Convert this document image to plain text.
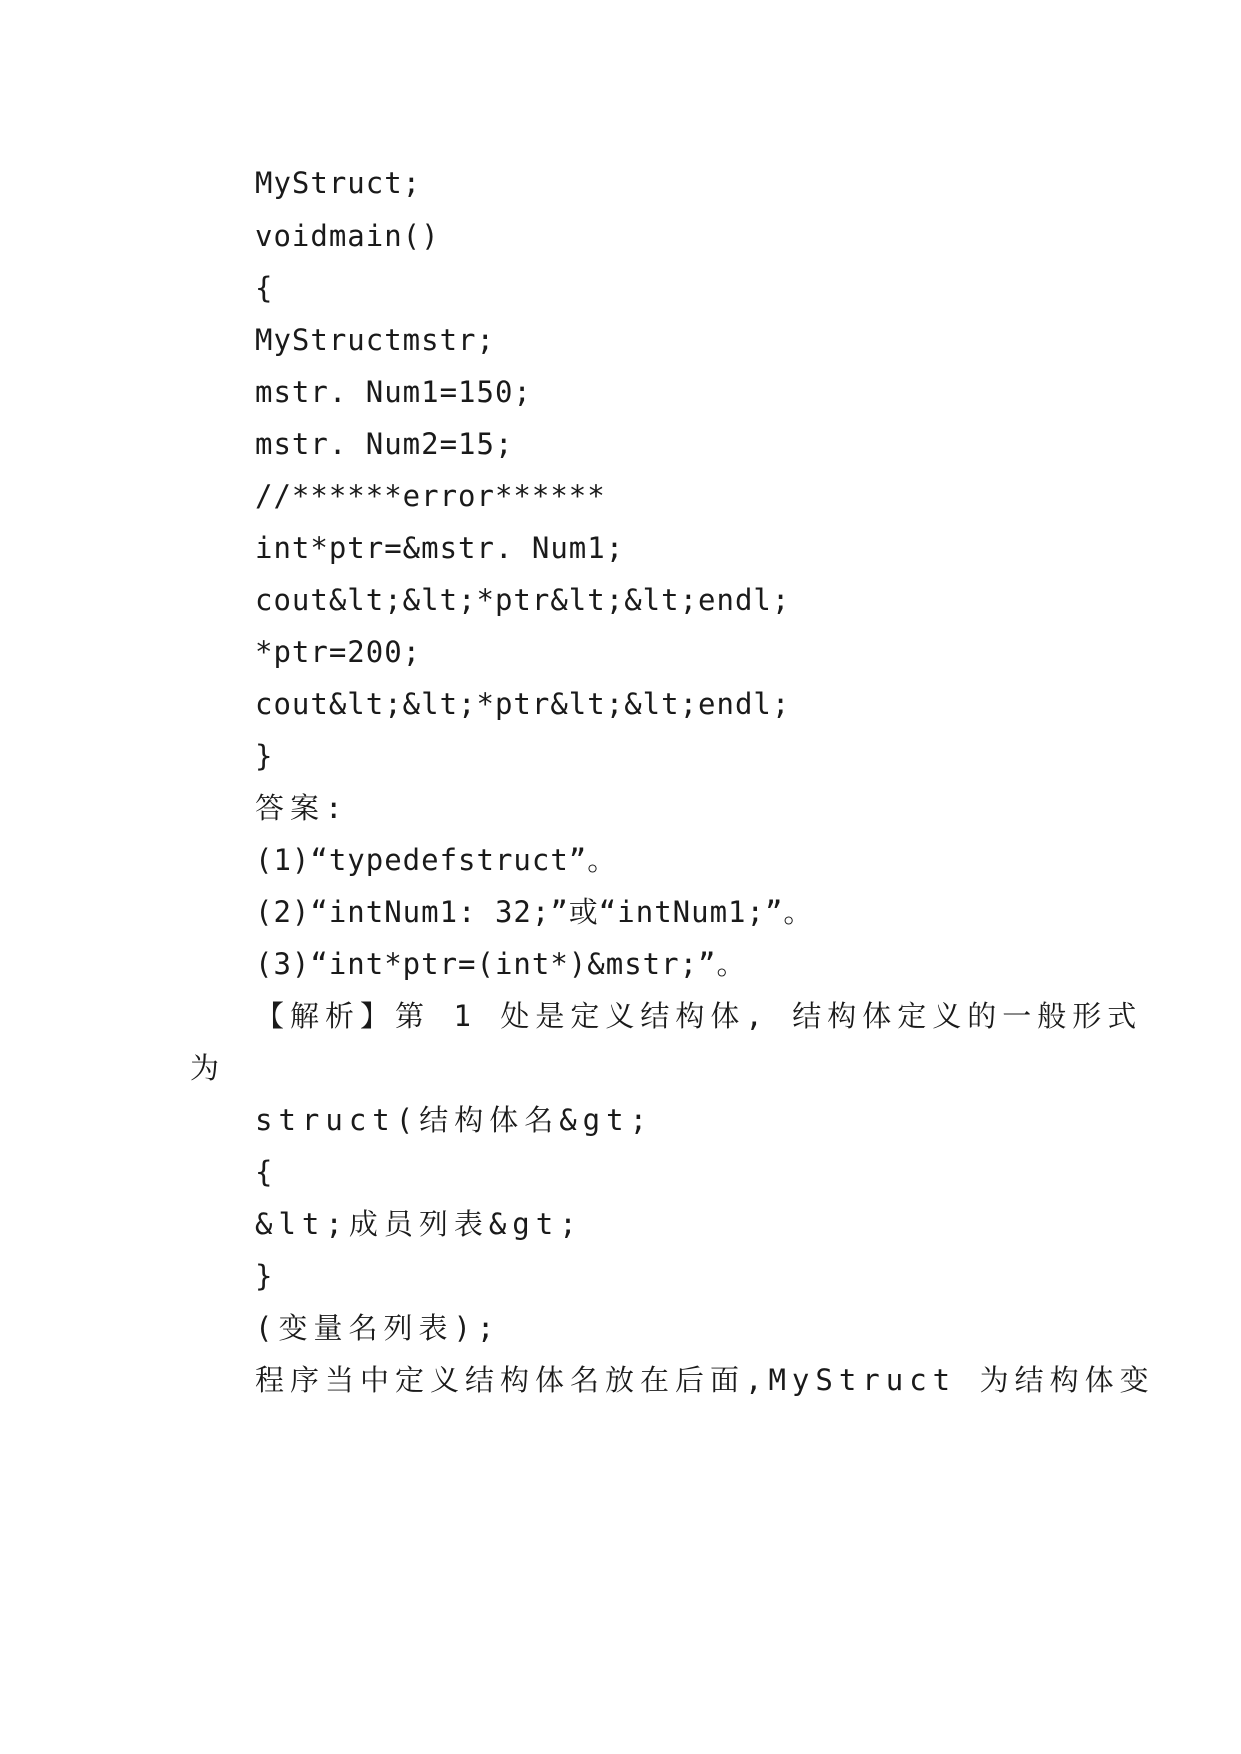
MyStruct;
voidmain()
{
MyStructmstr;
mstr. Num1=150;
mstr. Num2=15;
//******error******
int*ptr=&mstr. Num1;
cout&lt;&lt;*ptr&lt;&lt;endl;
*ptr=200;
cout&lt;&lt;*ptr&lt;&lt;endl;
}
答案:
(1)“typedefstruct”。
(2)“intNum1: 32;”或“intNum1;”。
(3)“int*ptr=(int*)&mstr;”。
【解析】第 1 处是定义结构体, 结构体定义的一般形式
为
struct(结构体名&gt;
{
&lt;成员列表&gt;
}
(变量名列表);
程序当中定义结构体名放在后面,MyStruct 为结构体变
